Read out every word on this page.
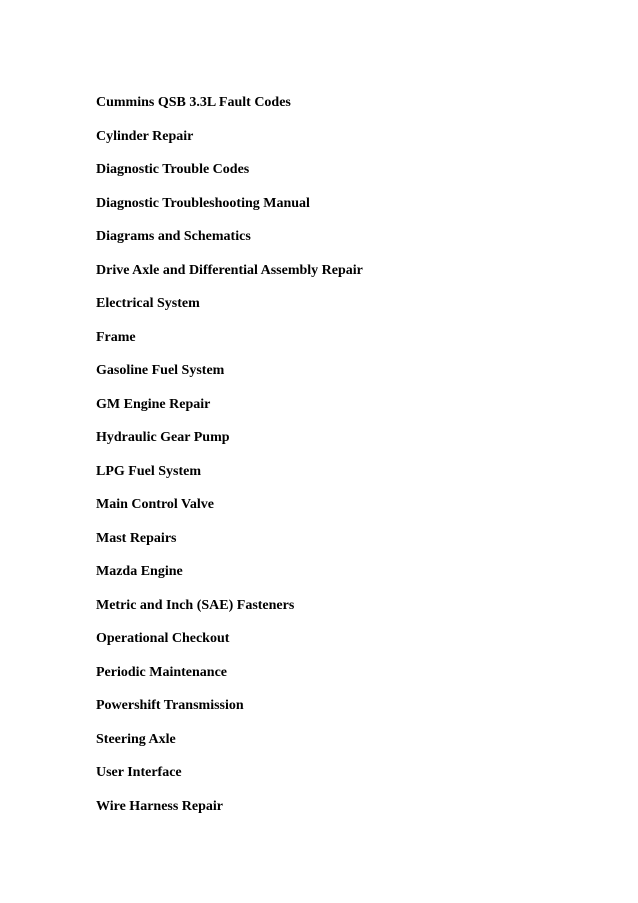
Cummins QSB 3.3L Fault Codes
Cylinder Repair
Diagnostic Trouble Codes
Diagnostic Troubleshooting Manual
Diagrams and Schematics
Drive Axle and Differential Assembly Repair
Electrical System
Frame
Gasoline Fuel System
GM Engine Repair
Hydraulic Gear Pump
LPG Fuel System
Main Control Valve
Mast Repairs
Mazda Engine
Metric and Inch (SAE) Fasteners
Operational Checkout
Periodic Maintenance
Powershift Transmission
Steering Axle
User Interface
Wire Harness Repair
